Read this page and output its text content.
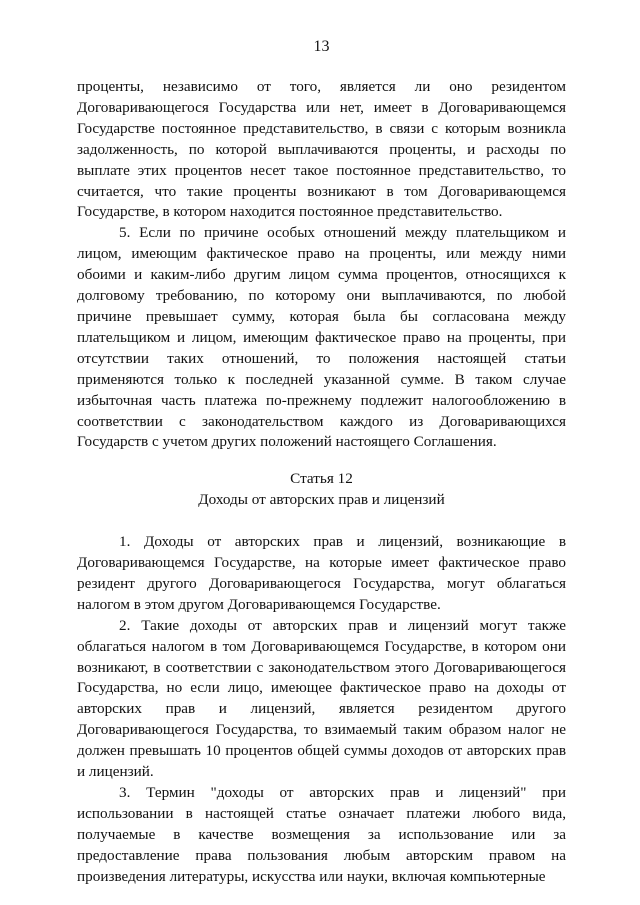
13

проценты, независимо от того, является ли оно резидентом Договаривающегося Государства или нет, имеет в Договаривающемся Государстве постоянное представительство, в связи с которым возникла задолженность, по которой выплачиваются проценты, и расходы по выплате этих процентов несет такое постоянное представительство, то считается, что такие проценты возникают в том Договаривающемся Государстве, в котором находится постоянное представительство.

5. Если по причине особых отношений между плательщиком и лицом, имеющим фактическое право на проценты, или между ними обоими и каким-либо другим лицом сумма процентов, относящихся к долговому требованию, по которому они выплачиваются, по любой причине превышает сумму, которая была бы согласована между плательщиком и лицом, имеющим фактическое право на проценты, при отсутствии таких отношений, то положения настоящей статьи применяются только к последней указанной сумме. В таком случае избыточная часть платежа по-прежнему подлежит налогообложению в соответствии с законодательством каждого из Договаривающихся Государств с учетом других положений настоящего Соглашения.

Статья 12
Доходы от авторских прав и лицензий

1. Доходы от авторских прав и лицензий, возникающие в Договаривающемся Государстве, на которые имеет фактическое право резидент другого Договаривающегося Государства, могут облагаться налогом в этом другом Договаривающемся Государстве.

2. Такие доходы от авторских прав и лицензий могут также облагаться налогом в том Договаривающемся Государстве, в котором они возникают, в соответствии с законодательством этого Договаривающегося Государства, но если лицо, имеющее фактическое право на доходы от авторских прав и лицензий, является резидентом другого Договаривающегося Государства, то взимаемый таким образом налог не должен превышать 10 процентов общей суммы доходов от авторских прав и лицензий.

3. Термин "доходы от авторских прав и лицензий" при использовании в настоящей статье означает платежи любого вида, получаемые в качестве возмещения за использование или за предоставление права пользования любым авторским правом на произведения литературы, искусства или науки, включая компьютерные
